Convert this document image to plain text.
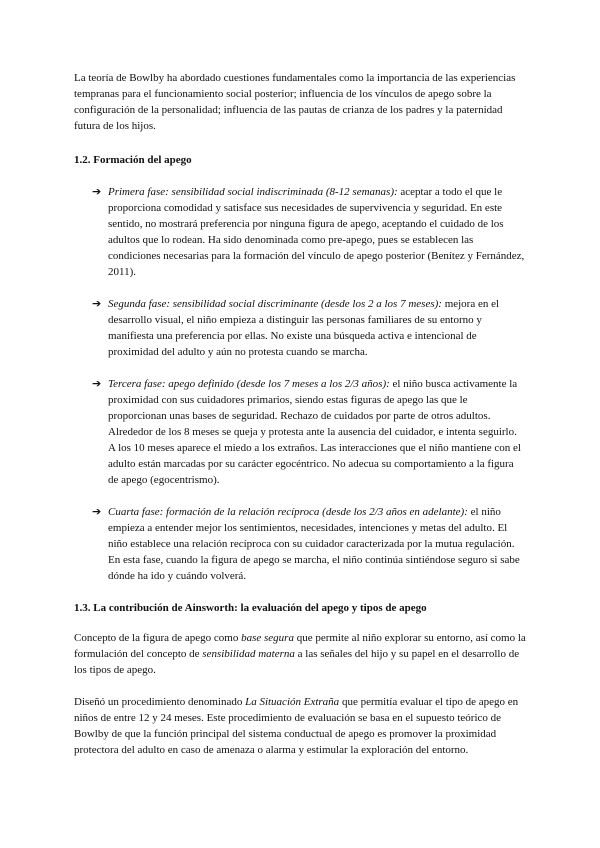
La teoría de Bowlby ha abordado cuestiones fundamentales como la importancia de las experiencias tempranas para el funcionamiento social posterior; influencia de los vínculos de apego sobre la configuración de la personalidad; influencia de las pautas de crianza de los padres y la paternidad futura de los hijos.

1.2. Formación del apego
➔ Primera fase: sensibilidad social indiscriminada (8-12 semanas): aceptar a todo el que le proporciona comodidad y satisface sus necesidades de supervivencia y seguridad. En este sentido, no mostrará preferencia por ninguna figura de apego, aceptando el cuidado de los adultos que lo rodean. Ha sido denominada como pre-apego, pues se establecen las condiciones necesarias para la formación del vínculo de apego posterior (Benítez y Fernández, 2011).

➔ Segunda fase: sensibilidad social discriminante (desde los 2 a los 7 meses): mejora en el desarrollo visual, el niño empieza a distinguir las personas familiares de su entorno y manifiesta una preferencia por ellas. No existe una búsqueda activa e intencional de proximidad del adulto y aún no protesta cuando se marcha.

➔ Tercera fase: apego definido (desde los 7 meses a los 2/3 años): el niño busca activamente la proximidad con sus cuidadores primarios, siendo estas figuras de apego las que le proporcionan unas bases de seguridad. Rechazo de cuidados por parte de otros adultos. Alrededor de los 8 meses se queja y protesta ante la ausencia del cuidador, e intenta seguirlo. A los 10 meses aparece el miedo a los extraños. Las interacciones que el niño mantiene con el adulto están marcadas por su carácter egocéntrico. No adecua su comportamiento a la figura de apego (egocentrismo).

➔ Cuarta fase: formación de la relación recíproca (desde los 2/3 años en adelante): el niño empieza a entender mejor los sentimientos, necesidades, intenciones y metas del adulto. El niño establece una relación recíproca con su cuidador caracterizada por la mutua regulación. En esta fase, cuando la figura de apego se marcha, el niño continúa sintiéndose seguro si sabe dónde ha ido y cuándo volverá.

1.3. La contribución de Ainsworth: la evaluación del apego y tipos de apego

Concepto de la figura de apego como base segura que permite al niño explorar su entorno, así como la formulación del concepto de sensibilidad materna a las señales del hijo y su papel en el desarrollo de los tipos de apego.

Diseñó un procedimiento denominado La Situación Extraña que permitía evaluar el tipo de apego en niños de entre 12 y 24 meses. Este procedimiento de evaluación se basa en el supuesto teórico de Bowlby de que la función principal del sistema conductual de apego es promover la proximidad protectora del adulto en caso de amenaza o alarma y estimular la exploración del entorno.
